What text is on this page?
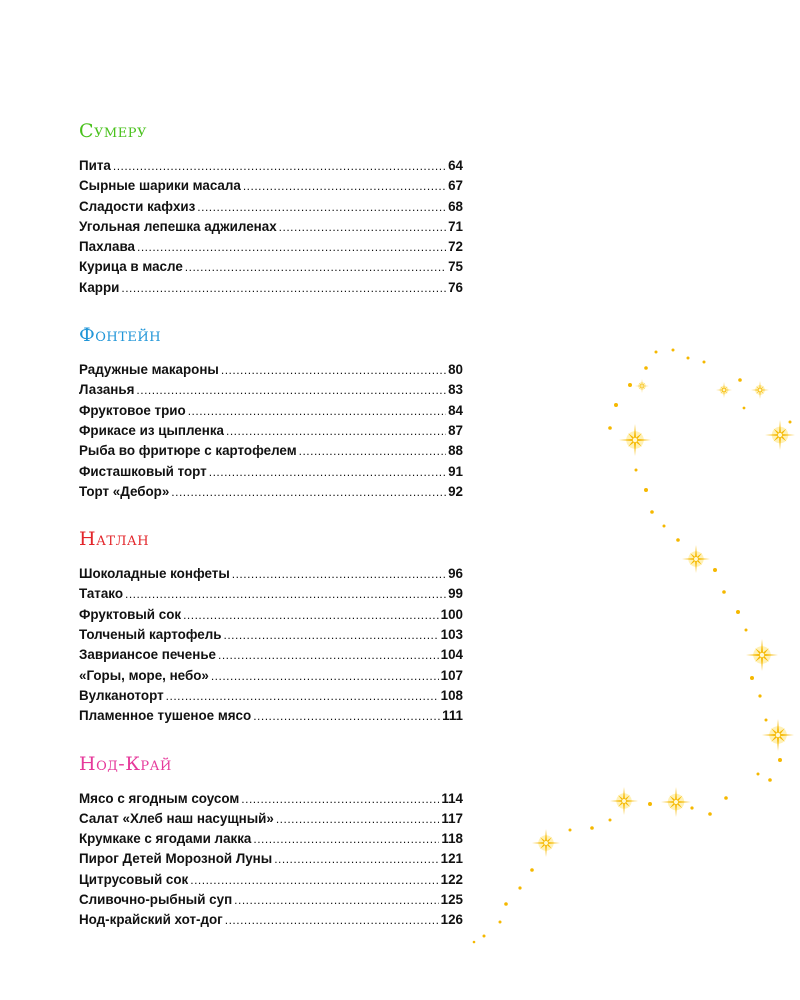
Сумеру
Пита .....	64
Сырные шарики масала .....	67
Сладости кафхиз .....	68
Угольная лепешка аджиленах .....	71
Пахлава .....	72
Курица в масле .....	75
Карри .....	76
Фонтейн
Радужные макароны .....	80
Лазанья .....	83
Фруктовое трио .....	84
Фрикасе из цыпленка .....	87
Рыба во фритюре с картофелем .....	88
Фисташковый торт .....	91
Торт «Дебор» .....	92
Натлан
Шоколадные конфеты .....	96
Татако .....	99
Фруктовый сок .....	100
Толченый картофель .....	103
Завриансое печенье .....	104
«Горы, море, небо» .....	107
Вулканоторт .....	108
Пламенное тушеное мясо .....	111
Нод-Край
Мясо с ягодным соусом .....	114
Салат «Хлеб наш насущный» .....	117
Крумкаке с ягодами лакка .....	118
Пирог Детей Морозной Луны .....	121
Цитрусовый сок .....	122
Сливочно-рыбный суп .....	125
Нод-крайский хот-дог .....	126
